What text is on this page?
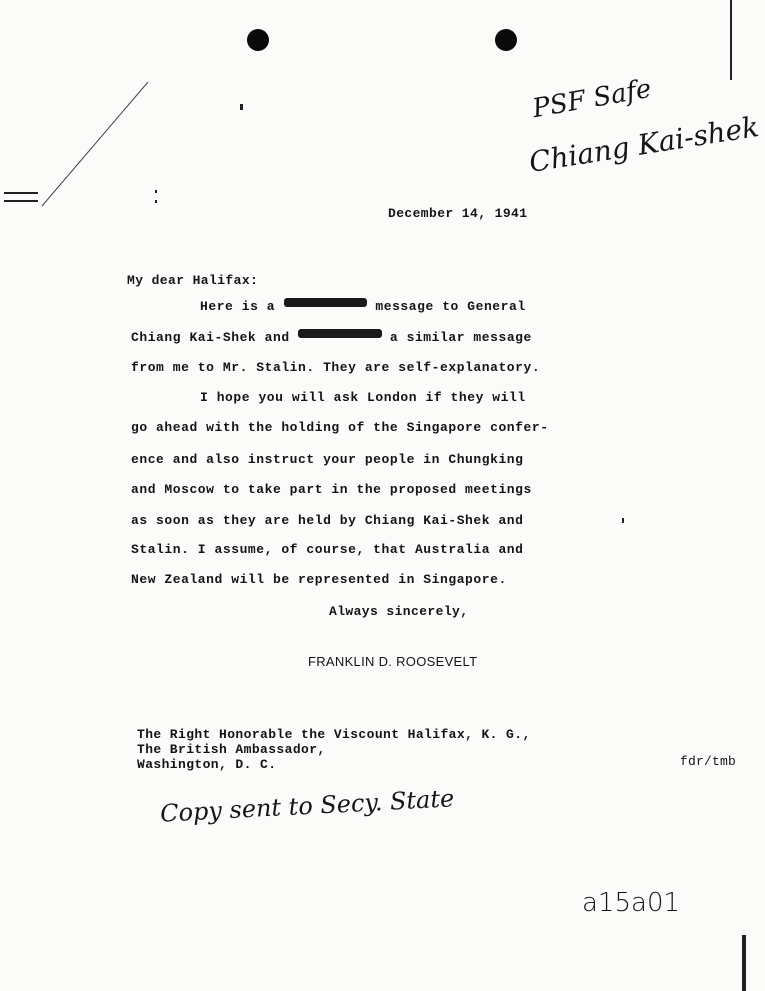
PSF Safe
Chiang Kai-shek
December 14, 1941
My dear Halifax:
Here is a	message to General
Chiang Kai-Shek and	a similar message
from me to Mr. Stalin. They are self-explanatory.
I hope you will ask London if they will
go ahead with the holding of the Singapore confer-
ence and also instruct your people in Chungking
and Moscow to take part in the proposed meetings
as soon as they are held by Chiang Kai-Shek and
Stalin. I assume, of course, that Australia and
New Zealand will be represented in Singapore.
Always sincerely,
FRANKLIN D. ROOSEVELT
The Right Honorable the Viscount Halifax, K. G.,
The British Ambassador,
Washington, D. C.	fdr/tmb
Copy sent to Secy. State
a15a01
